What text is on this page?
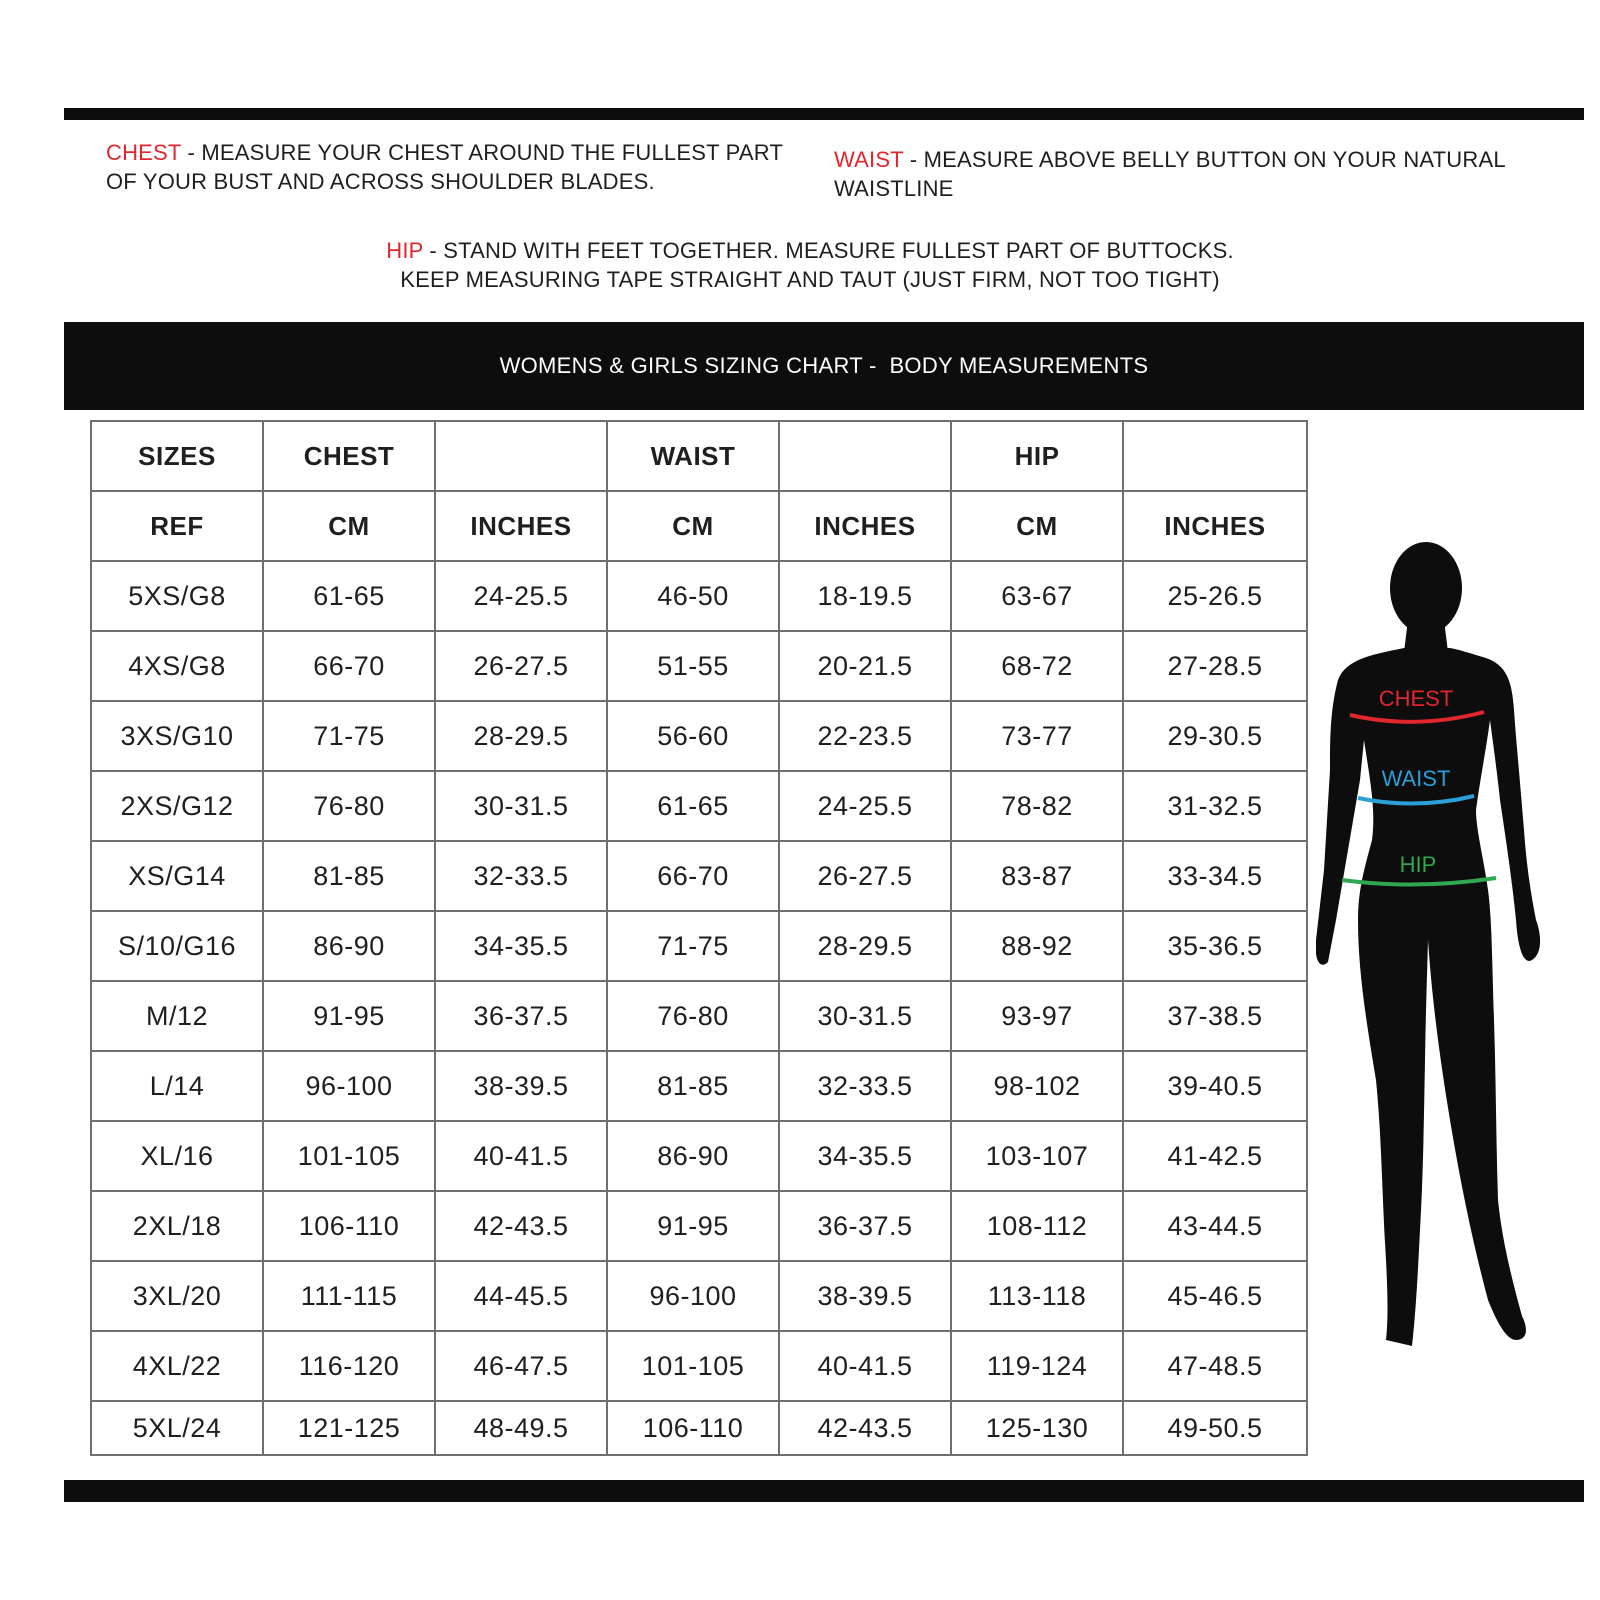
CHEST - MEASURE YOUR CHEST AROUND THE FULLEST PART OF YOUR BUST AND ACROSS SHOULDER BLADES.
WAIST - MEASURE ABOVE BELLY BUTTON ON YOUR NATURAL WAISTLINE
HIP - STAND WITH FEET TOGETHER. MEASURE FULLEST PART OF BUTTOCKS.
KEEP MEASURING TAPE STRAIGHT AND TAUT (JUST FIRM, NOT TOO TIGHT)
WOMENS & GIRLS SIZING CHART -  BODY MEASUREMENTS
SIZES	CHEST		WAIST		HIP	
REF	CM	INCHES	CM	INCHES	CM	INCHES
5XS/G8	61-65	24-25.5	46-50	18-19.5	63-67	25-26.5
4XS/G8	66-70	26-27.5	51-55	20-21.5	68-72	27-28.5
3XS/G10	71-75	28-29.5	56-60	22-23.5	73-77	29-30.5
2XS/G12	76-80	30-31.5	61-65	24-25.5	78-82	31-32.5
XS/G14	81-85	32-33.5	66-70	26-27.5	83-87	33-34.5
S/10/G16	86-90	34-35.5	71-75	28-29.5	88-92	35-36.5
M/12	91-95	36-37.5	76-80	30-31.5	93-97	37-38.5
L/14	96-100	38-39.5	81-85	32-33.5	98-102	39-40.5
XL/16	101-105	40-41.5	86-90	34-35.5	103-107	41-42.5
2XL/18	106-110	42-43.5	91-95	36-37.5	108-112	43-44.5
3XL/20	111-115	44-45.5	96-100	38-39.5	113-118	45-46.5
4XL/22	116-120	46-47.5	101-105	40-41.5	119-124	47-48.5
5XL/24	121-125	48-49.5	106-110	42-43.5	125-130	49-50.5
CHEST
WAIST
HIP
